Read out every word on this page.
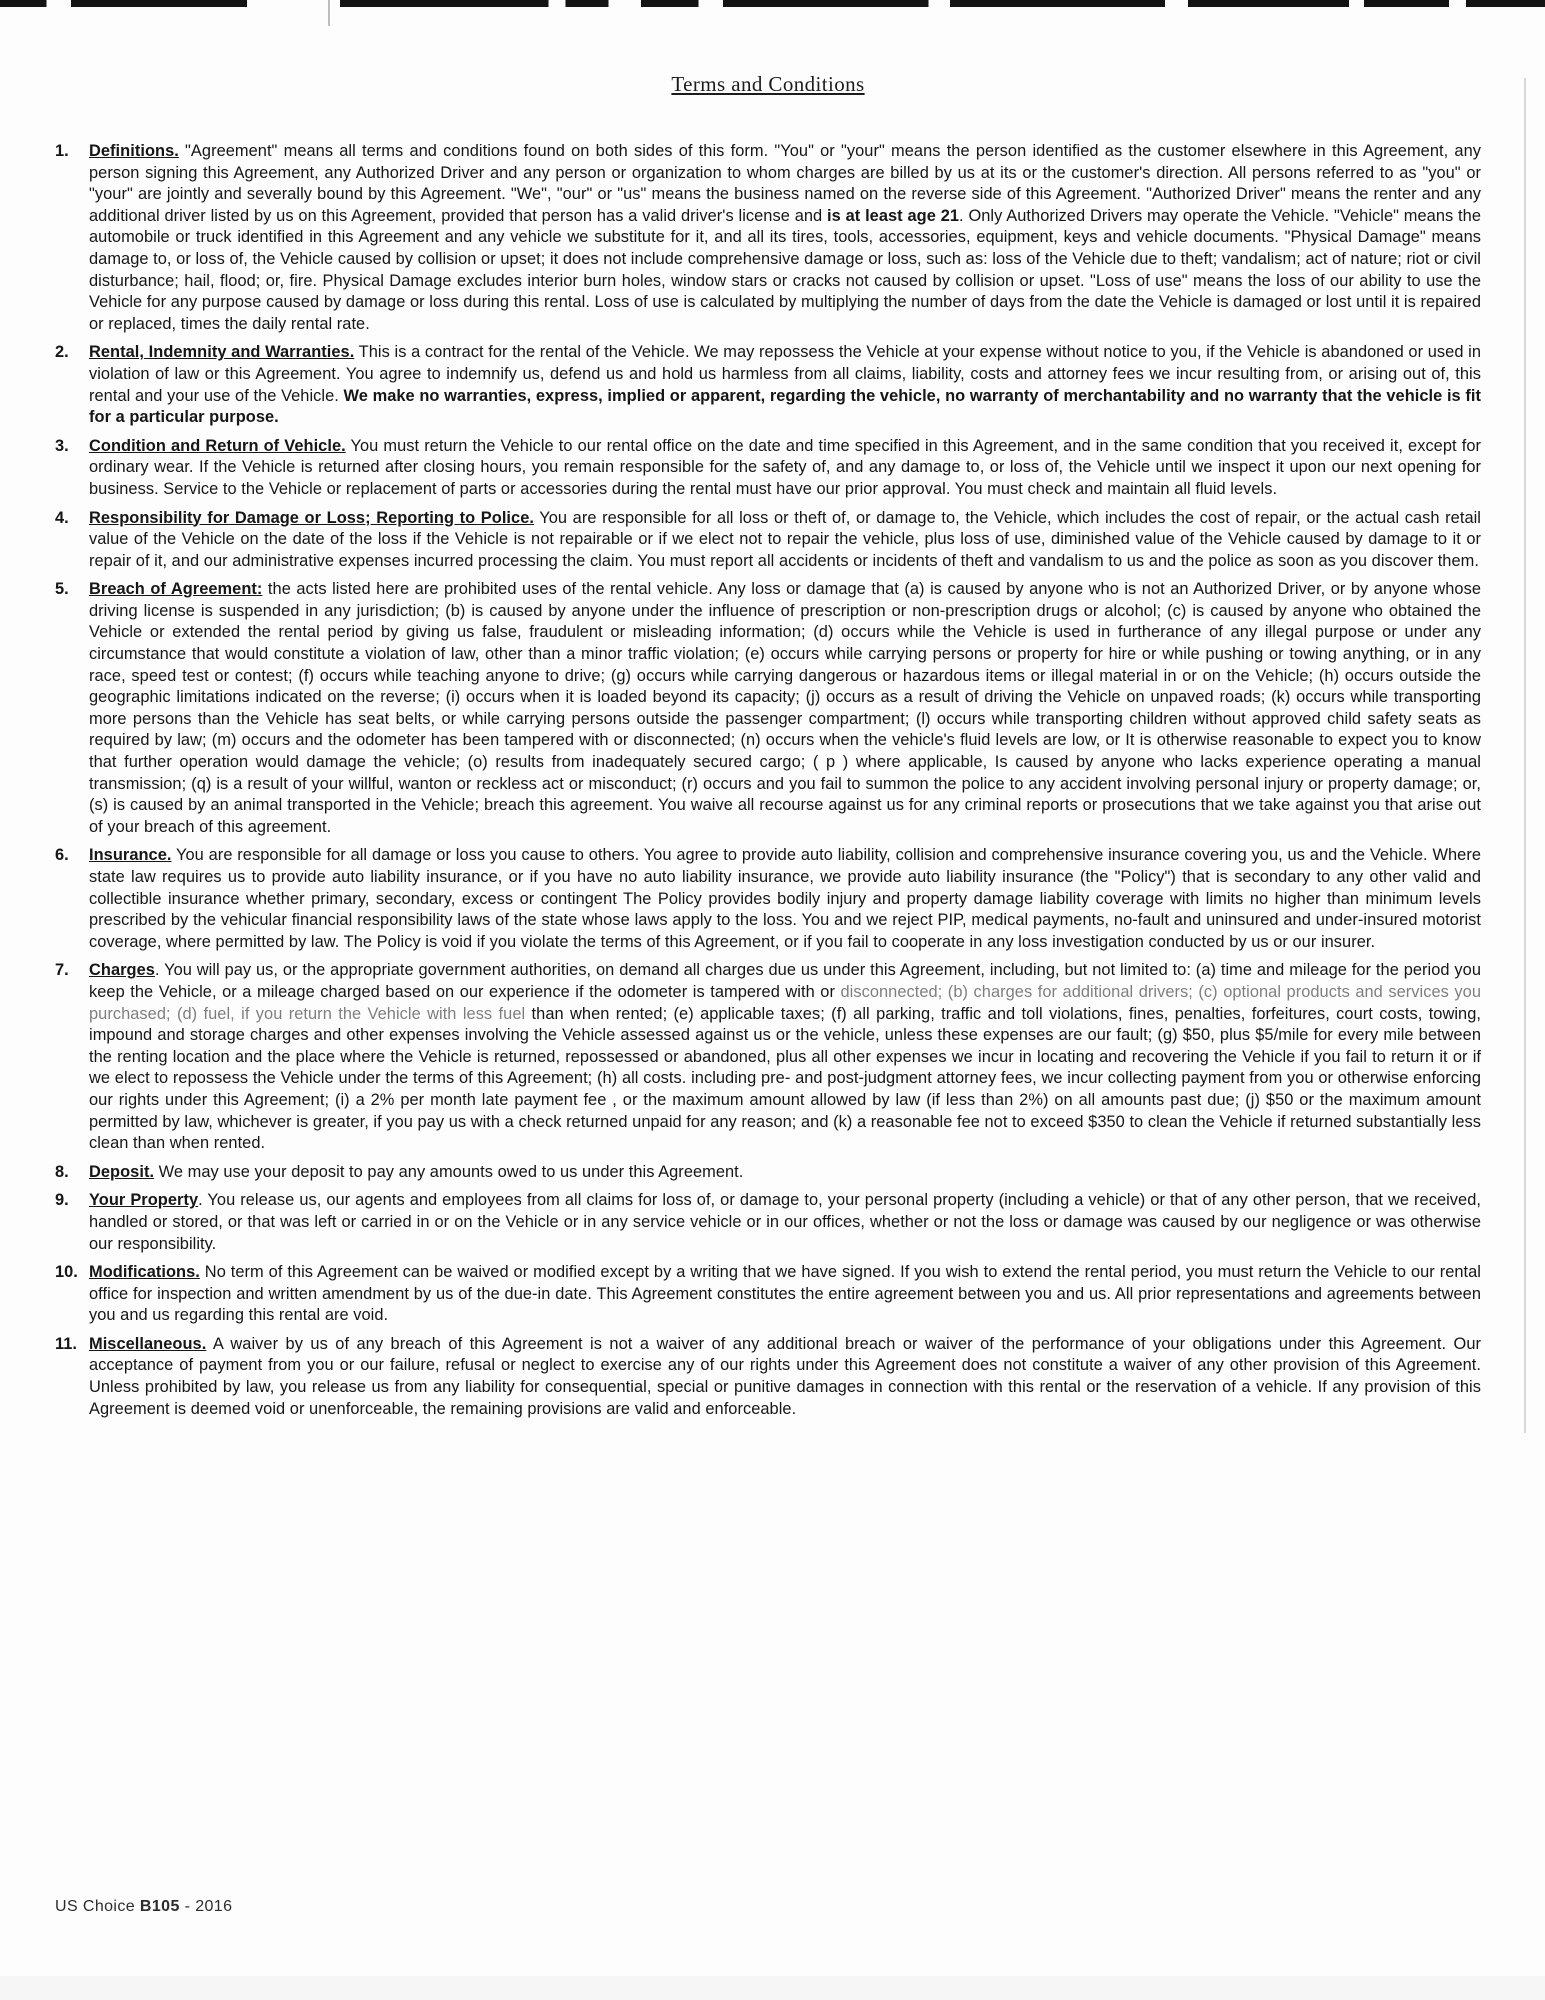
Terms and Conditions
1.	Definitions. "Agreement" means all terms and conditions found on both sides of this form. "You" or "your" means the person identified as the customer elsewhere in this Agreement, any person signing this Agreement, any Authorized Driver and any person or organization to whom charges are billed by us at its or the customer's direction. All persons referred to as "you" or "your" are jointly and severally bound by this Agreement. "We", "our" or "us" means the business named on the reverse side of this Agreement. "Authorized Driver" means the renter and any additional driver listed by us on this Agreement, provided that person has a valid driver's license and is at least age 21. Only Authorized Drivers may operate the Vehicle. "Vehicle" means the automobile or truck identified in this Agreement and any vehicle we substitute for it, and all its tires, tools, accessories, equipment, keys and vehicle documents. "Physical Damage" means damage to, or loss of, the Vehicle caused by collision or upset; it does not include comprehensive damage or loss, such as: loss of the Vehicle due to theft; vandalism; act of nature; riot or civil disturbance; hail, flood; or, fire. Physical Damage excludes interior burn holes, window stars or cracks not caused by collision or upset. "Loss of use" means the loss of our ability to use the Vehicle for any purpose caused by damage or loss during this rental. Loss of use is calculated by multiplying the number of days from the date the Vehicle is damaged or lost until it is repaired or replaced, times the daily rental rate.
2.	Rental, Indemnity and Warranties. This is a contract for the rental of the Vehicle. We may repossess the Vehicle at your expense without notice to you, if the Vehicle is abandoned or used in violation of law or this Agreement. You agree to indemnify us, defend us and hold us harmless from all claims, liability, costs and attorney fees we incur resulting from, or arising out of, this rental and your use of the Vehicle. We make no warranties, express, implied or apparent, regarding the vehicle, no warranty of merchantability and no warranty that the vehicle is fit for a particular purpose.
3.	Condition and Return of Vehicle. You must return the Vehicle to our rental office on the date and time specified in this Agreement, and in the same condition that you received it, except for ordinary wear. If the Vehicle is returned after closing hours, you remain responsible for the safety of, and any damage to, or loss of, the Vehicle until we inspect it upon our next opening for business. Service to the Vehicle or replacement of parts or accessories during the rental must have our prior approval. You must check and maintain all fluid levels.
4.	Responsibility for Damage or Loss; Reporting to Police. You are responsible for all loss or theft of, or damage to, the Vehicle, which includes the cost of repair, or the actual cash retail value of the Vehicle on the date of the loss if the Vehicle is not repairable or if we elect not to repair the vehicle, plus loss of use, diminished value of the Vehicle caused by damage to it or repair of it, and our administrative expenses incurred processing the claim. You must report all accidents or incidents of theft and vandalism to us and the police as soon as you discover them.
5.	Breach of Agreement: the acts listed here are prohibited uses of the rental vehicle. Any loss or damage that (a) is caused by anyone who is not an Authorized Driver, or by anyone whose driving license is suspended in any jurisdiction; (b) is caused by anyone under the influence of prescription or non-prescription drugs or alcohol; (c) is caused by anyone who obtained the Vehicle or extended the rental period by giving us false, fraudulent or misleading information; (d) occurs while the Vehicle is used in furtherance of any illegal purpose or under any circumstance that would constitute a violation of law, other than a minor traffic violation; (e) occurs while carrying persons or property for hire or while pushing or towing anything, or in any race, speed test or contest; (f) occurs while teaching anyone to drive; (g) occurs while carrying dangerous or hazardous items or illegal material in or on the Vehicle; (h) occurs outside the geographic limitations indicated on the reverse; (i) occurs when it is loaded beyond its capacity; (j) occurs as a result of driving the Vehicle on unpaved roads; (k) occurs while transporting more persons than the Vehicle has seat belts, or while carrying persons outside the passenger compartment; (l) occurs while transporting children without approved child safety seats as required by law; (m) occurs and the odometer has been tampered with or disconnected; (n) occurs when the vehicle's fluid levels are low, or It is otherwise reasonable to expect you to know that further operation would damage the vehicle; (o) results from inadequately secured cargo; ( p ) where applicable, Is caused by anyone who lacks experience operating a manual transmission; (q) is a result of your willful, wanton or reckless act or misconduct; (r) occurs and you fail to summon the police to any accident involving personal injury or property damage; or, (s) is caused by an animal transported in the Vehicle; breach this agreement. You waive all recourse against us for any criminal reports or prosecutions that we take against you that arise out of your breach of this agreement.
6.	Insurance. You are responsible for all damage or loss you cause to others. You agree to provide auto liability, collision and comprehensive insurance covering you, us and the Vehicle. Where state law requires us to provide auto liability insurance, or if you have no auto liability insurance, we provide auto liability insurance (the "Policy") that is secondary to any other valid and collectible insurance whether primary, secondary, excess or contingent The Policy provides bodily injury and property damage liability coverage with limits no higher than minimum levels prescribed by the vehicular financial responsibility laws of the state whose laws apply to the loss. You and we reject PIP, medical payments, no-fault and uninsured and under-insured motorist coverage, where permitted by law. The Policy is void if you violate the terms of this Agreement, or if you fail to cooperate in any loss investigation conducted by us or our insurer.
7.	Charges. You will pay us, or the appropriate government authorities, on demand all charges due us under this Agreement, including, but not limited to: (a) time and mileage for the period you keep the Vehicle, or a mileage charged based on our experience if the odometer is tampered with or disconnected; (b) charges for additional drivers; (c) optional products and services you purchased; (d) fuel, if you return the Vehicle with less fuel than when rented; (e) applicable taxes; (f) all parking, traffic and toll violations, fines, penalties, forfeitures, court costs, towing, impound and storage charges and other expenses involving the Vehicle assessed against us or the vehicle, unless these expenses are our fault; (g) $50, plus $5/mile for every mile between the renting location and the place where the Vehicle is returned, repossessed or abandoned, plus all other expenses we incur in locating and recovering the Vehicle if you fail to return it or if we elect to repossess the Vehicle under the terms of this Agreement; (h) all costs. including pre- and post-judgment attorney fees, we incur collecting payment from you or otherwise enforcing our rights under this Agreement; (i) a 2% per month late payment fee , or the maximum amount allowed by law (if less than 2%) on all amounts past due; (j) $50 or the maximum amount permitted by law, whichever is greater, if you pay us with a check returned unpaid for any reason; and (k) a reasonable fee not to exceed $350 to clean the Vehicle if returned substantially less clean than when rented.
8.	Deposit. We may use your deposit to pay any amounts owed to us under this Agreement.
9.	Your Property. You release us, our agents and employees from all claims for loss of, or damage to, your personal property (including a vehicle) or that of any other person, that we received, handled or stored, or that was left or carried in or on the Vehicle or in any service vehicle or in our offices, whether or not the loss or damage was caused by our negligence or was otherwise our responsibility.
10. Modifications. No term of this Agreement can be waived or modified except by a writing that we have signed. If you wish to extend the rental period, you must return the Vehicle to our rental office for inspection and written amendment by us of the due-in date. This Agreement constitutes the entire agreement between you and us. All prior representations and agreements between you and us regarding this rental are void.
11. Miscellaneous. A waiver by us of any breach of this Agreement is not a waiver of any additional breach or waiver of the performance of your obligations under this Agreement. Our acceptance of payment from you or our failure, refusal or neglect to exercise any of our rights under this Agreement does not constitute a waiver of any other provision of this Agreement. Unless prohibited by law, you release us from any liability for consequential, special or punitive damages in connection with this rental or the reservation of a vehicle. If any provision of this Agreement is deemed void or unenforceable, the remaining provisions are valid and enforceable.
US Choice B105 - 2016
